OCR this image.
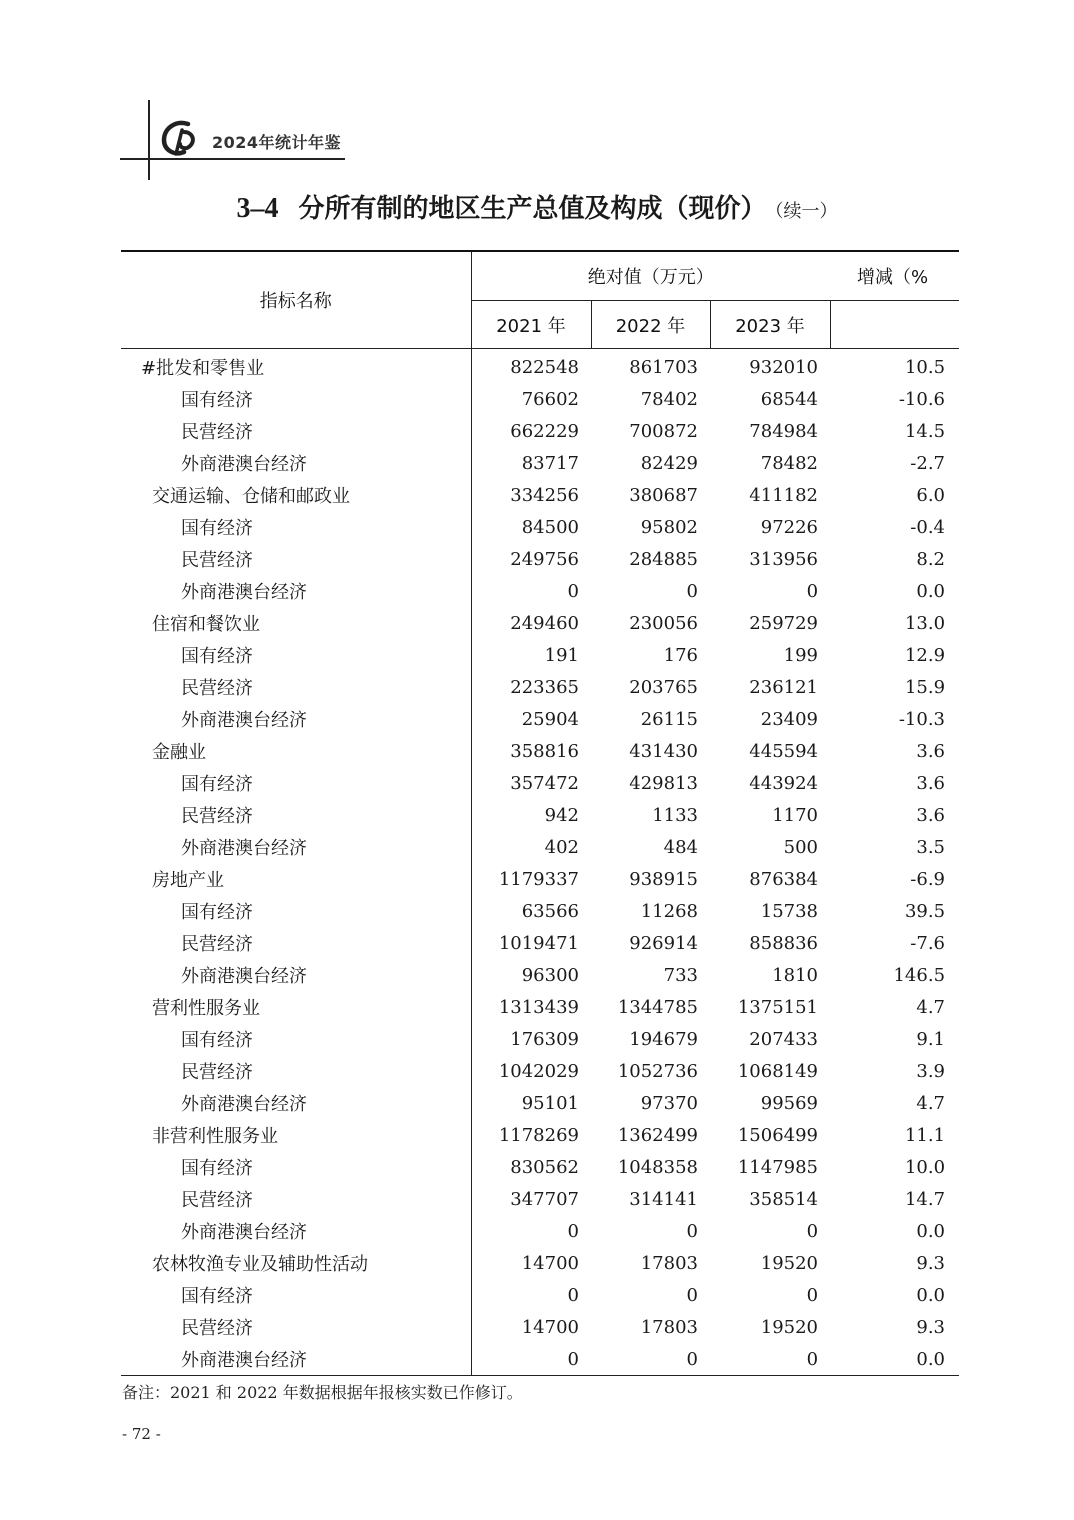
2024年统计年鉴
3–4 分所有制的地区生产总值及构成（现价） （续一）
指标名称	绝对值（万元）			增减（%
	2021 年	2022 年	2023 年	
#批发和零售业	822548	861703	932010	10.5
国有经济	76602	78402	68544	-10.6
民营经济	662229	700872	784984	14.5
外商港澳台经济	83717	82429	78482	-2.7
交通运输、仓储和邮政业	334256	380687	411182	6.0
国有经济	84500	95802	97226	-0.4
民营经济	249756	284885	313956	8.2
外商港澳台经济	0	0	0	0.0
住宿和餐饮业	249460	230056	259729	13.0
国有经济	191	176	199	12.9
民营经济	223365	203765	236121	15.9
外商港澳台经济	25904	26115	23409	-10.3
金融业	358816	431430	445594	3.6
国有经济	357472	429813	443924	3.6
民营经济	942	1133	1170	3.6
外商港澳台经济	402	484	500	3.5
房地产业	1179337	938915	876384	-6.9
国有经济	63566	11268	15738	39.5
民营经济	1019471	926914	858836	-7.6
外商港澳台经济	96300	733	1810	146.5
营利性服务业	1313439	1344785	1375151	4.7
国有经济	176309	194679	207433	9.1
民营经济	1042029	1052736	1068149	3.9
外商港澳台经济	95101	97370	99569	4.7
非营利性服务业	1178269	1362499	1506499	11.1
国有经济	830562	1048358	1147985	10.0
民营经济	347707	314141	358514	14.7
外商港澳台经济	0	0	0	0.0
农林牧渔专业及辅助性活动	14700	17803	19520	9.3
国有经济	0	0	0	0.0
民营经济	14700	17803	19520	9.3
外商港澳台经济	0	0	0	0.0
备注：2021 和 2022 年数据根据年报核实数已作修订。
- 72 -
